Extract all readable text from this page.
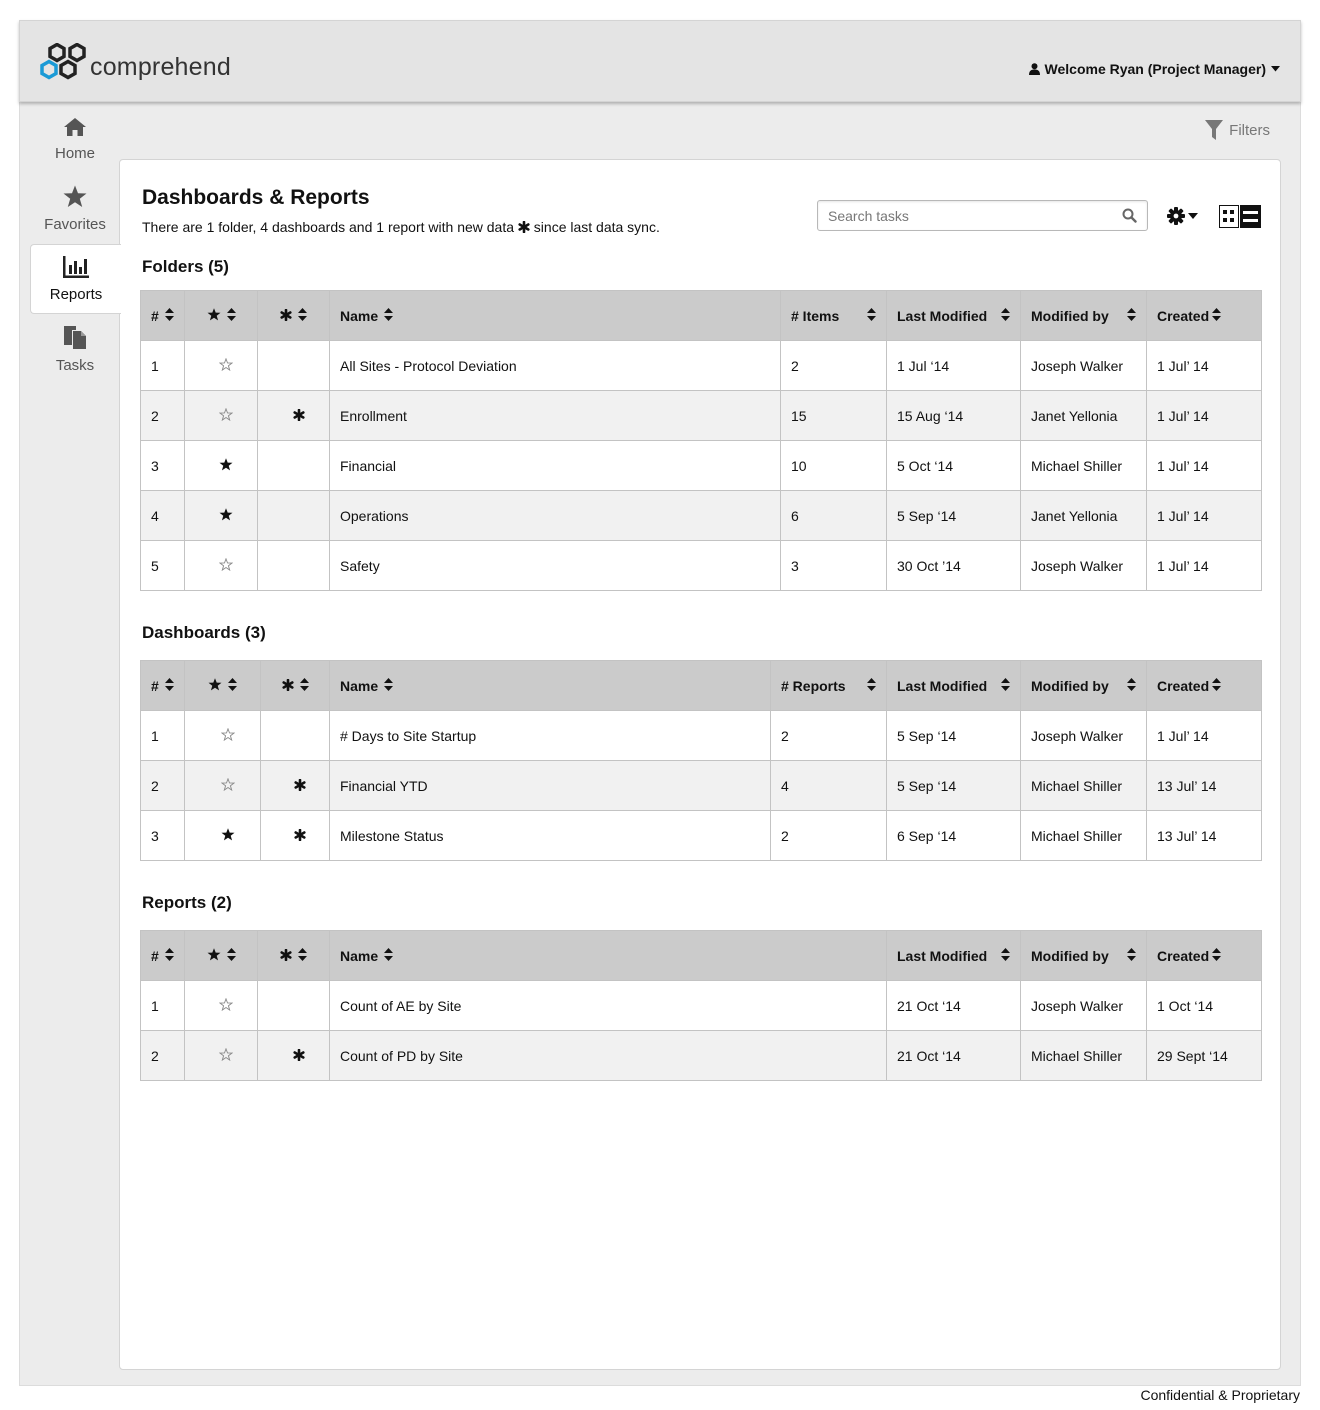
comprehend	Welcome Ryan (Project Manager)
Home
Favorites
Reports
Tasks
Filters
Dashboards & Reports
There are 1 folder, 4 dashboards and 1 report with new data since last data sync.
Search tasks
Folders (5)
#			Name	# Items	Last Modified	Modified by	Created

1			All Sites - Protocol Deviation	2	1 Jul ‘14	Joseph Walker	1 Jul’ 14
2			Enrollment	15	15 Aug ‘14	Janet Yellonia	1 Jul’ 14
3			Financial	10	5 Oct ‘14	Michael Shiller	1 Jul’ 14
4			Operations	6	5 Sep ‘14	Janet Yellonia	1 Jul’ 14
5			Safety	3	30 Oct ’14	Joseph Walker	1 Jul’ 14
Dashboards (3)
#			Name	# Reports	Last Modified	Modified by	Created

1			# Days to Site Startup	2	5 Sep ‘14	Joseph Walker	1 Jul’ 14
2			Financial YTD	4	5 Sep ‘14	Michael Shiller	13 Jul’ 14
3			Milestone Status	2	6 Sep ‘14	Michael Shiller	13 Jul’ 14
Reports (2)
#			Name	Last Modified	Modified by	Created

1			Count of AE by Site	21 Oct ‘14	Joseph Walker	1 Oct ‘14
2			Count of PD by Site	21 Oct ‘14	Michael Shiller	29 Sept ‘14
Confidential & Proprietary
